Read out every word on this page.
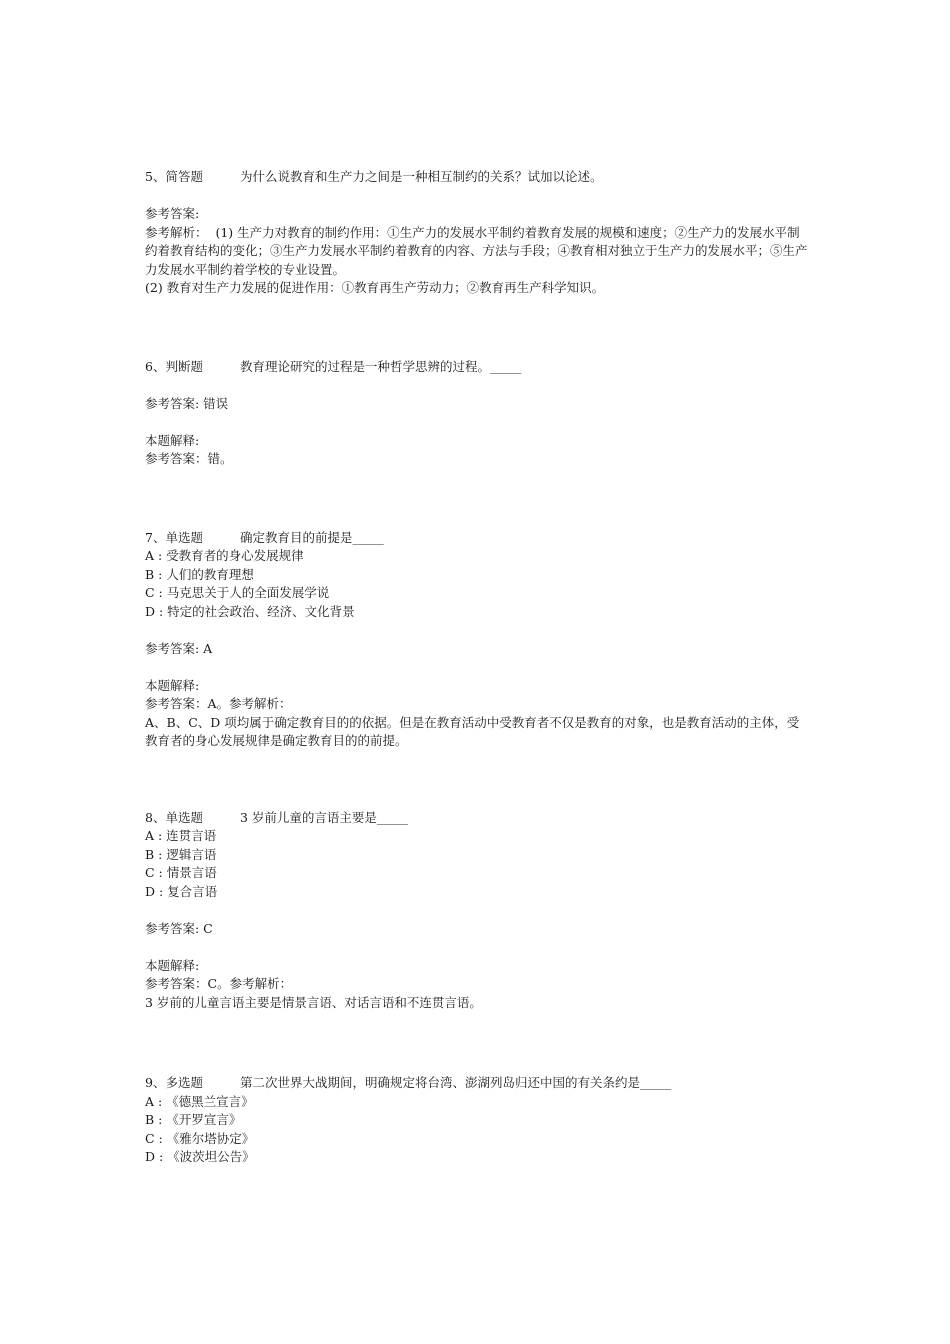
5、简答题	为什么说教育和生产力之间是一种相互制约的关系？试加以论述。

参考答案:

参考解析：  (1) 生产力对教育的制约作用：①生产力的发展水平制约着教育发展的规模和速度；②生产力的发展水平制约着教育结构的变化；③生产力发展水平制约着教育的内容、方法与手段；④教育相对独立于生产力的发展水平；⑤生产力发展水平制约着学校的专业设置。

(2) 教育对生产力发展的促进作用：①教育再生产劳动力；②教育再生产科学知识。

6、判断题	教育理论研究的过程是一种哲学思辨的过程。_____

参考答案: 错误

本题解释:

参考答案：错。

7、单选题	确定教育目的前提是_____
A : 受教育者的身心发展规律
B : 人们的教育理想
C : 马克思关于人的全面发展学说
D : 特定的社会政治、经济、文化背景

参考答案: A

本题解释:

参考答案：A。参考解析：

A、B、C、D 项均属于确定教育目的的依据。但是在教育活动中受教育者不仅是教育的对象，也是教育活动的主体，受教育者的身心发展规律是确定教育目的的前提。

8、单选题	3 岁前儿童的言语主要是_____
A : 连贯言语
B : 逻辑言语
C : 情景言语
D : 复合言语

参考答案: C

本题解释:

参考答案：C。参考解析：

3 岁前的儿童言语主要是情景言语、对话言语和不连贯言语。

9、多选题	第二次世界大战期间，明确规定将台湾、澎湖列岛归还中国的有关条约是_____
A : 《德黑兰宣言》
B : 《开罗宣言》
C : 《雅尔塔协定》
D : 《波茨坦公告》
